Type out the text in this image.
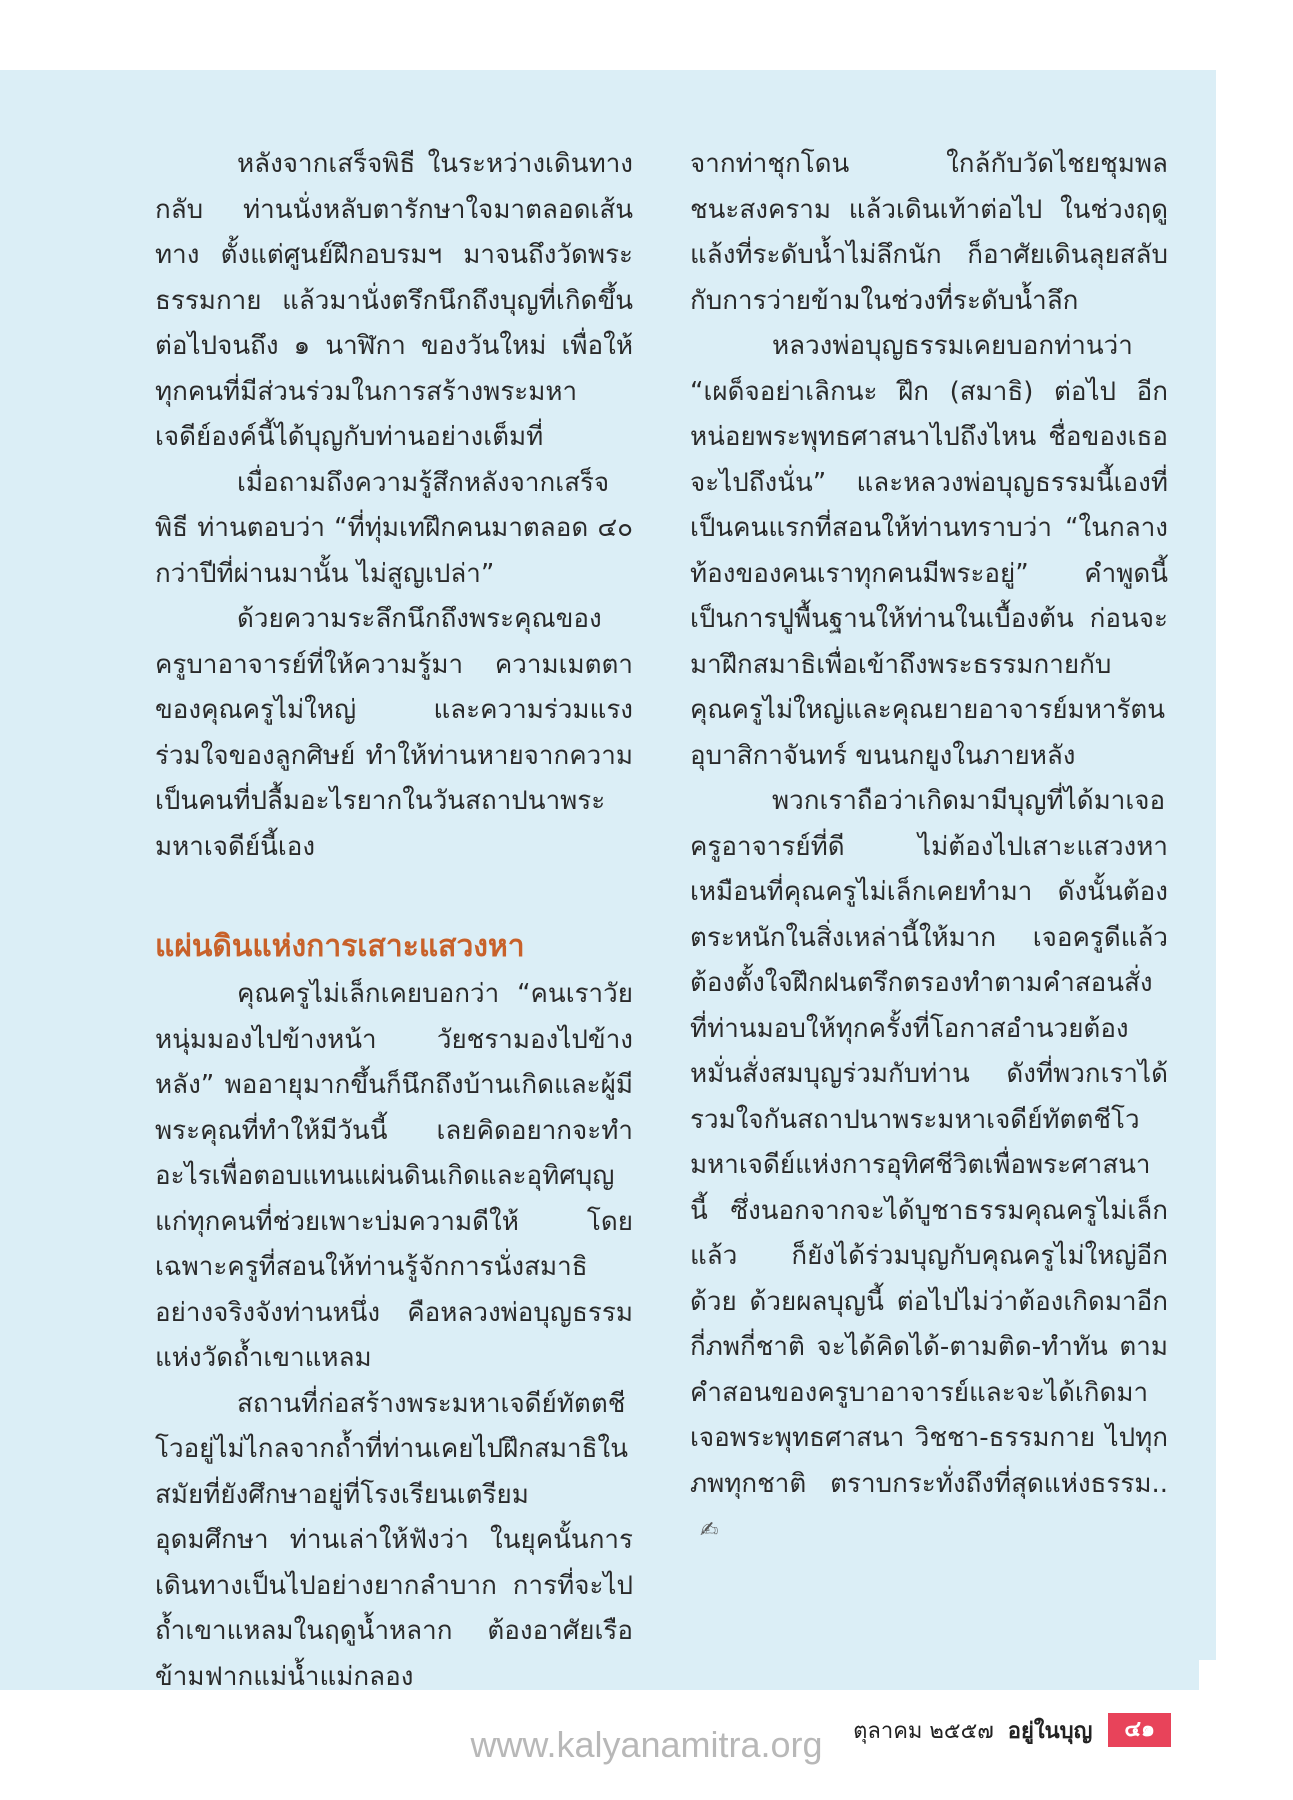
หลังจากเสร็จพิธี ในระหว่างเดินทางกลับ ท่านนั่งหลับตารักษาใจมาตลอดเส้นทาง ตั้งแต่ศูนย์ฝึกอบรมฯ มาจนถึงวัดพระธรรมกาย แล้วมานั่งตรึกนึกถึงบุญที่เกิดขึ้นต่อไปจนถึง ๑ นาฬิกา ของวันใหม่ เพื่อให้ทุกคนที่มีส่วนร่วมในการสร้างพระมหาเจดีย์องค์นี้ได้บุญกับท่านอย่างเต็มที่

เมื่อถามถึงความรู้สึกหลังจากเสร็จพิธี ท่านตอบว่า “ที่ทุ่มเทฝึกคนมาตลอด ๔๐ กว่าปีที่ผ่านมานั้น ไม่สูญเปล่า”

ด้วยความระลึกนึกถึงพระคุณของครูบาอาจารย์ที่ให้ความรู้มา ความเมตตาของคุณครูไม่ใหญ่ และความร่วมแรงร่วมใจของลูกศิษย์ ทำให้ท่านหายจากความเป็นคนที่ปลื้มอะไรยากในวันสถาปนาพระมหาเจดีย์นี้เอง

แผ่นดินแห่งการเสาะแสวงหา

คุณครูไม่เล็กเคยบอกว่า “คนเราวัยหนุ่มมองไปข้างหน้า วัยชรามองไปข้างหลัง” พออายุมากขึ้นก็นึกถึงบ้านเกิดและผู้มีพระคุณที่ทำให้มีวันนี้ เลยคิดอยากจะทำอะไรเพื่อตอบแทนแผ่นดินเกิดและอุทิศบุญแก่ทุกคนที่ช่วยเพาะบ่มความดีให้ โดยเฉพาะครูที่สอนให้ท่านรู้จักการนั่งสมาธิอย่างจริงจังท่านหนึ่ง คือหลวงพ่อบุญธรรมแห่งวัดถ้ำเขาแหลม

สถานที่ก่อสร้างพระมหาเจดีย์ทัตตชีโวอยู่ไม่ไกลจากถ้ำที่ท่านเคยไปฝึกสมาธิในสมัยที่ยังศึกษาอยู่ที่โรงเรียนเตรียมอุดมศึกษา ท่านเล่าให้ฟังว่า ในยุคนั้นการเดินทางเป็นไปอย่างยากลำบาก การที่จะไปถ้ำเขาแหลมในฤดูน้ำหลาก ต้องอาศัยเรือข้ามฟากแม่น้ำแม่กลอง

จากท่าชุกโดน ใกล้กับวัดไชยชุมพลชนะสงคราม แล้วเดินเท้าต่อไป ในช่วงฤดูแล้งที่ระดับน้ำไม่ลึกนัก ก็อาศัยเดินลุยสลับกับการว่ายข้ามในช่วงที่ระดับน้ำลึก

หลวงพ่อบุญธรรมเคยบอกท่านว่า “เผด็จอย่าเลิกนะ ฝึก (สมาธิ) ต่อไป อีกหน่อยพระพุทธศาสนาไปถึงไหน ชื่อของเธอจะไปถึงนั่น” และหลวงพ่อบุญธรรมนี้เองที่เป็นคนแรกที่สอนให้ท่านทราบว่า “ในกลางท้องของคนเราทุกคนมีพระอยู่” คำพูดนี้เป็นการปูพื้นฐานให้ท่านในเบื้องต้น ก่อนจะมาฝึกสมาธิเพื่อเข้าถึงพระธรรมกายกับคุณครูไม่ใหญ่และคุณยายอาจารย์มหารัตนอุบาสิกาจันทร์ ขนนกยูงในภายหลัง

พวกเราถือว่าเกิดมามีบุญที่ได้มาเจอครูอาจารย์ที่ดี ไม่ต้องไปเสาะแสวงหาเหมือนที่คุณครูไม่เล็กเคยทำมา ดังนั้นต้องตระหนักในสิ่งเหล่านี้ให้มาก เจอครูดีแล้วต้องตั้งใจฝึกฝนตรึกตรองทำตามคำสอนสั่งที่ท่านมอบให้ทุกครั้งที่โอกาสอำนวยต้องหมั่นสั่งสมบุญร่วมกับท่าน ดังที่พวกเราได้รวมใจกันสถาปนาพระมหาเจดีย์ทัตตชีโว มหาเจดีย์แห่งการอุทิศชีวิตเพื่อพระศาสนานี้ ซึ่งนอกจากจะได้บูชาธรรมคุณครูไม่เล็กแล้ว ก็ยังได้ร่วมบุญกับคุณครูไม่ใหญ่อีกด้วย ด้วยผลบุญนี้ ต่อไปไม่ว่าต้องเกิดมาอีกกี่ภพกี่ชาติ จะได้คิดได้-ตามติด-ทำทัน ตามคำสอนของครูบาอาจารย์และจะได้เกิดมาเจอพระพุทธศาสนา วิชชา-ธรรมกาย ไปทุกภพทุกชาติ ตราบกระทั่งถึงที่สุดแห่งธรรม..✍

ตุลาคม ๒๕๕๗ อยู่ในบุญ	๔๑
www.kalyanamitra.org
